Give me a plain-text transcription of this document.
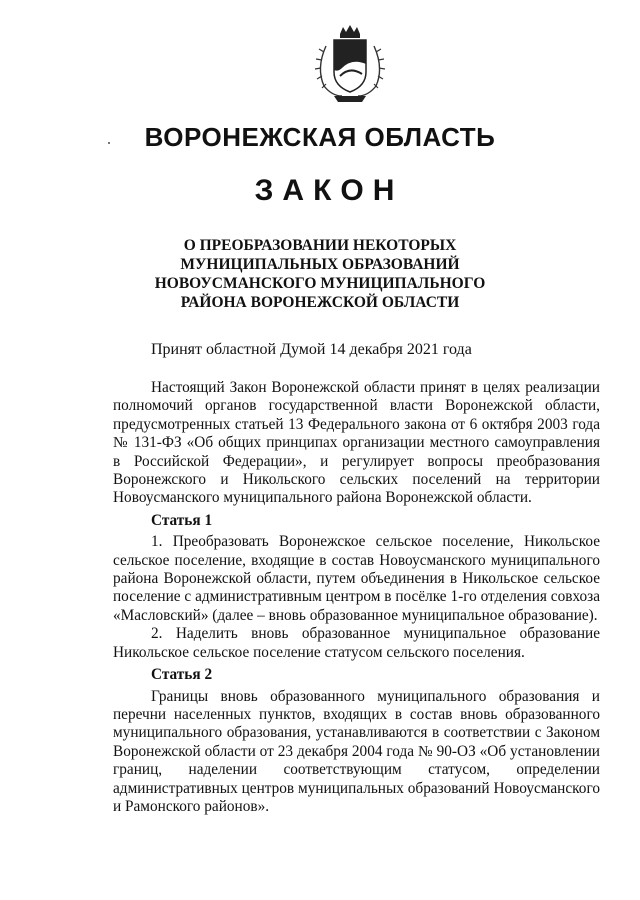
ВОРОНЕЖСКАЯ ОБЛАСТЬ
ЗАКОН
О ПРЕОБРАЗОВАНИИ НЕКОТОРЫХ
МУНИЦИПАЛЬНЫХ ОБРАЗОВАНИЙ
НОВОУСМАНСКОГО МУНИЦИПАЛЬНОГО
РАЙОНА ВОРОНЕЖСКОЙ ОБЛАСТИ
Принят областной Думой 14 декабря 2021 года

Настоящий Закон Воронежской области принят в целях реализации полномочий органов государственной власти Воронежской области, предусмотренных статьей 13 Федерального закона от 6 октября 2003 года № 131-ФЗ «Об общих принципах организации местного самоуправления в Российской Федерации», и регулирует вопросы преобразования Воронежского и Никольского сельских поселений на территории Новоусманского муниципального района Воронежской области.

Статья 1

1. Преобразовать Воронежское сельское поселение, Никольское сельское поселение, входящие в состав Новоусманского муниципального района Воронежской области, путем объединения в Никольское сельское поселение с административным центром в посёлке 1-го отделения совхоза «Масловский» (далее – вновь образованное муниципальное образование).

2. Наделить вновь образованное муниципальное образование Никольское сельское поселение статусом сельского поселения.

Статья 2

Границы вновь образованного муниципального образования и перечни населенных пунктов, входящих в состав вновь образованного муниципального образования, устанавливаются в соответствии с Законом Воронежской области от 23 декабря 2004 года № 90-ОЗ «Об установлении границ, наделении соответствующим статусом, определении административных центров муниципальных образований Новоусманского и Рамонского районов».
